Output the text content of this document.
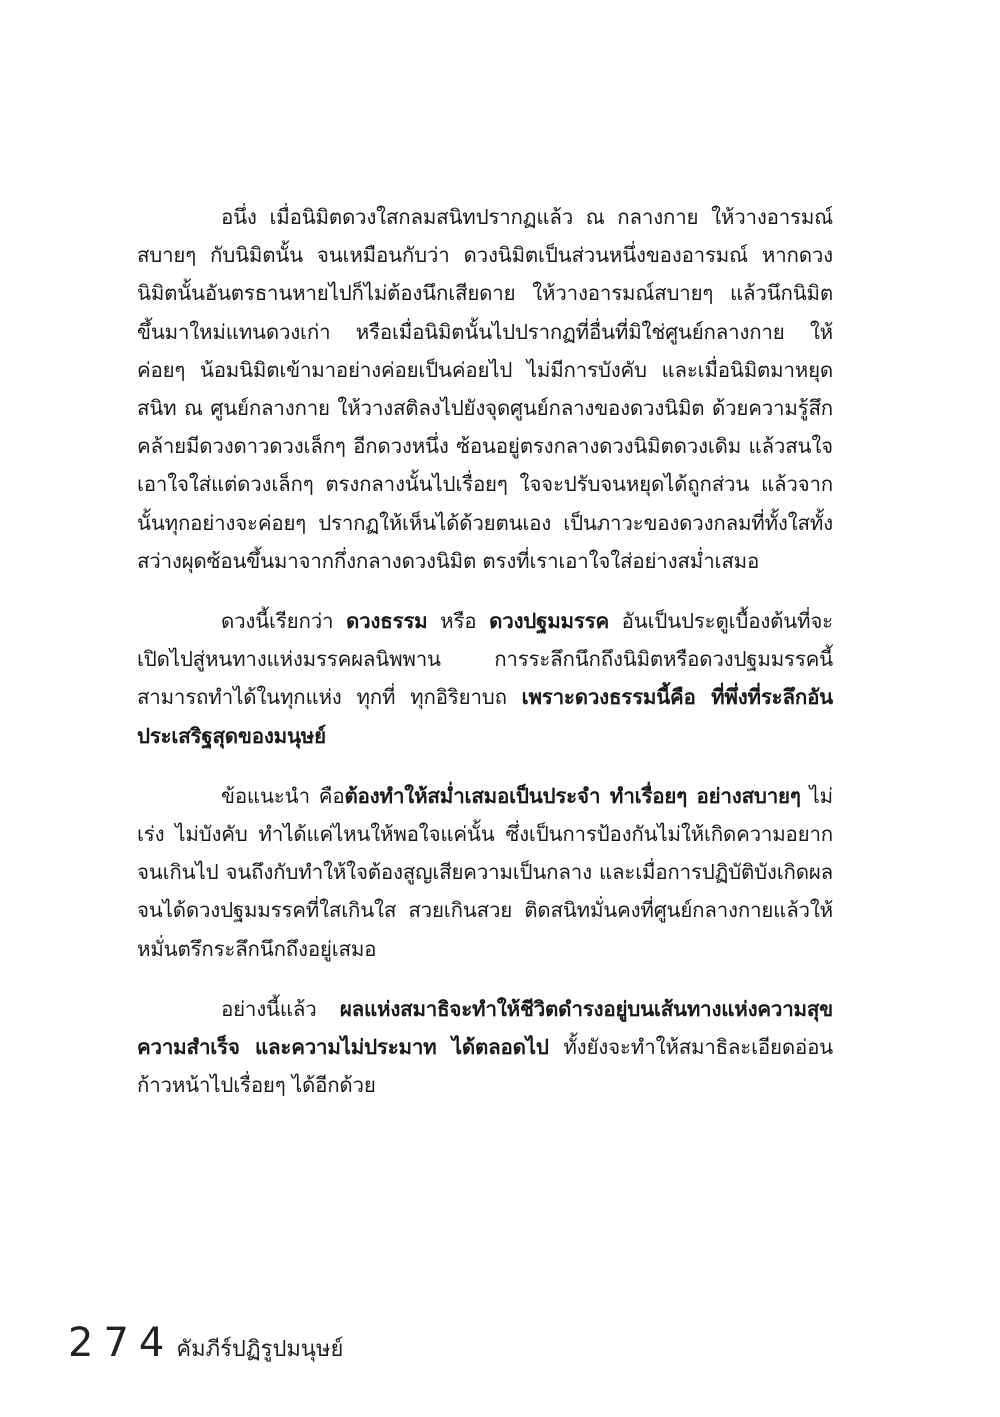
อนึ่ง เมื่อนิมิตดวงใสกลมสนิทปรากฏแล้ว ณ กลางกาย ให้วางอารมณ์สบายๆ กับนิมิตนั้น จนเหมือนกับว่า ดวงนิมิตเป็นส่วนหนึ่งของอารมณ์ หากดวงนิมิตนั้นอันตรธานหายไปก็ไม่ต้องนึกเสียดาย ให้วางอารมณ์สบายๆ แล้วนึกนิมิตขึ้นมาใหม่แทนดวงเก่า หรือเมื่อนิมิตนั้นไปปรากฏที่อื่นที่มิใช่ศูนย์กลางกาย ให้ค่อยๆ น้อมนิมิตเข้ามาอย่างค่อยเป็นค่อยไป ไม่มีการบังคับ และเมื่อนิมิตมาหยุดสนิท ณ ศูนย์กลางกาย ให้วางสติลงไปยังจุดศูนย์กลางของดวงนิมิต ด้วยความรู้สึกคล้ายมีดวงดาวดวงเล็กๆ อีกดวงหนึ่ง ซ้อนอยู่ตรงกลางดวงนิมิตดวงเดิม แล้วสนใจเอาใจใส่แต่ดวงเล็กๆ ตรงกลางนั้นไปเรื่อยๆ ใจจะปรับจนหยุดได้ถูกส่วน แล้วจากนั้นทุกอย่างจะค่อยๆ ปรากฏให้เห็นได้ด้วยตนเอง เป็นภาวะของดวงกลมที่ทั้งใสทั้งสว่างผุดซ้อนขึ้นมาจากกึ่งกลางดวงนิมิต ตรงที่เราเอาใจใส่อย่างสม่ำเสมอ

ดวงนี้เรียกว่า ดวงธรรม หรือ ดวงปฐมมรรค อันเป็นประตูเบื้องต้นที่จะเปิดไปสู่หนทางแห่งมรรคผลนิพพาน การระลึกนึกถึงนิมิตหรือดวงปฐมมรรคนี้ สามารถทำได้ในทุกแห่ง ทุกที่ ทุกอิริยาบถ เพราะดวงธรรมนี้คือ ที่พึ่งที่ระลึกอันประเสริฐสุดของมนุษย์

ข้อแนะนำ คือต้องทำให้สม่ำเสมอเป็นประจำ ทำเรื่อยๆ อย่างสบายๆ ไม่เร่ง ไม่บังคับ ทำได้แค่ไหนให้พอใจแค่นั้น ซึ่งเป็นการป้องกันไม่ให้เกิดความอยากจนเกินไป จนถึงกับทำให้ใจต้องสูญเสียความเป็นกลาง และเมื่อการปฏิบัติบังเกิดผลจนได้ดวงปฐมมรรคที่ใสเกินใส สวยเกินสวย ติดสนิทมั่นคงที่ศูนย์กลางกายแล้วให้หมั่นตรึกระลึกนึกถึงอยู่เสมอ

อย่างนี้แล้ว ผลแห่งสมาธิจะทำให้ชีวิตดำรงอยู่บนเส้นทางแห่งความสุข ความสำเร็จ และความไม่ประมาท ได้ตลอดไป ทั้งยังจะทำให้สมาธิละเอียดอ่อน ก้าวหน้าไปเรื่อยๆ ได้อีกด้วย

274 คัมภีร์ปฏิรูปมนุษย์
